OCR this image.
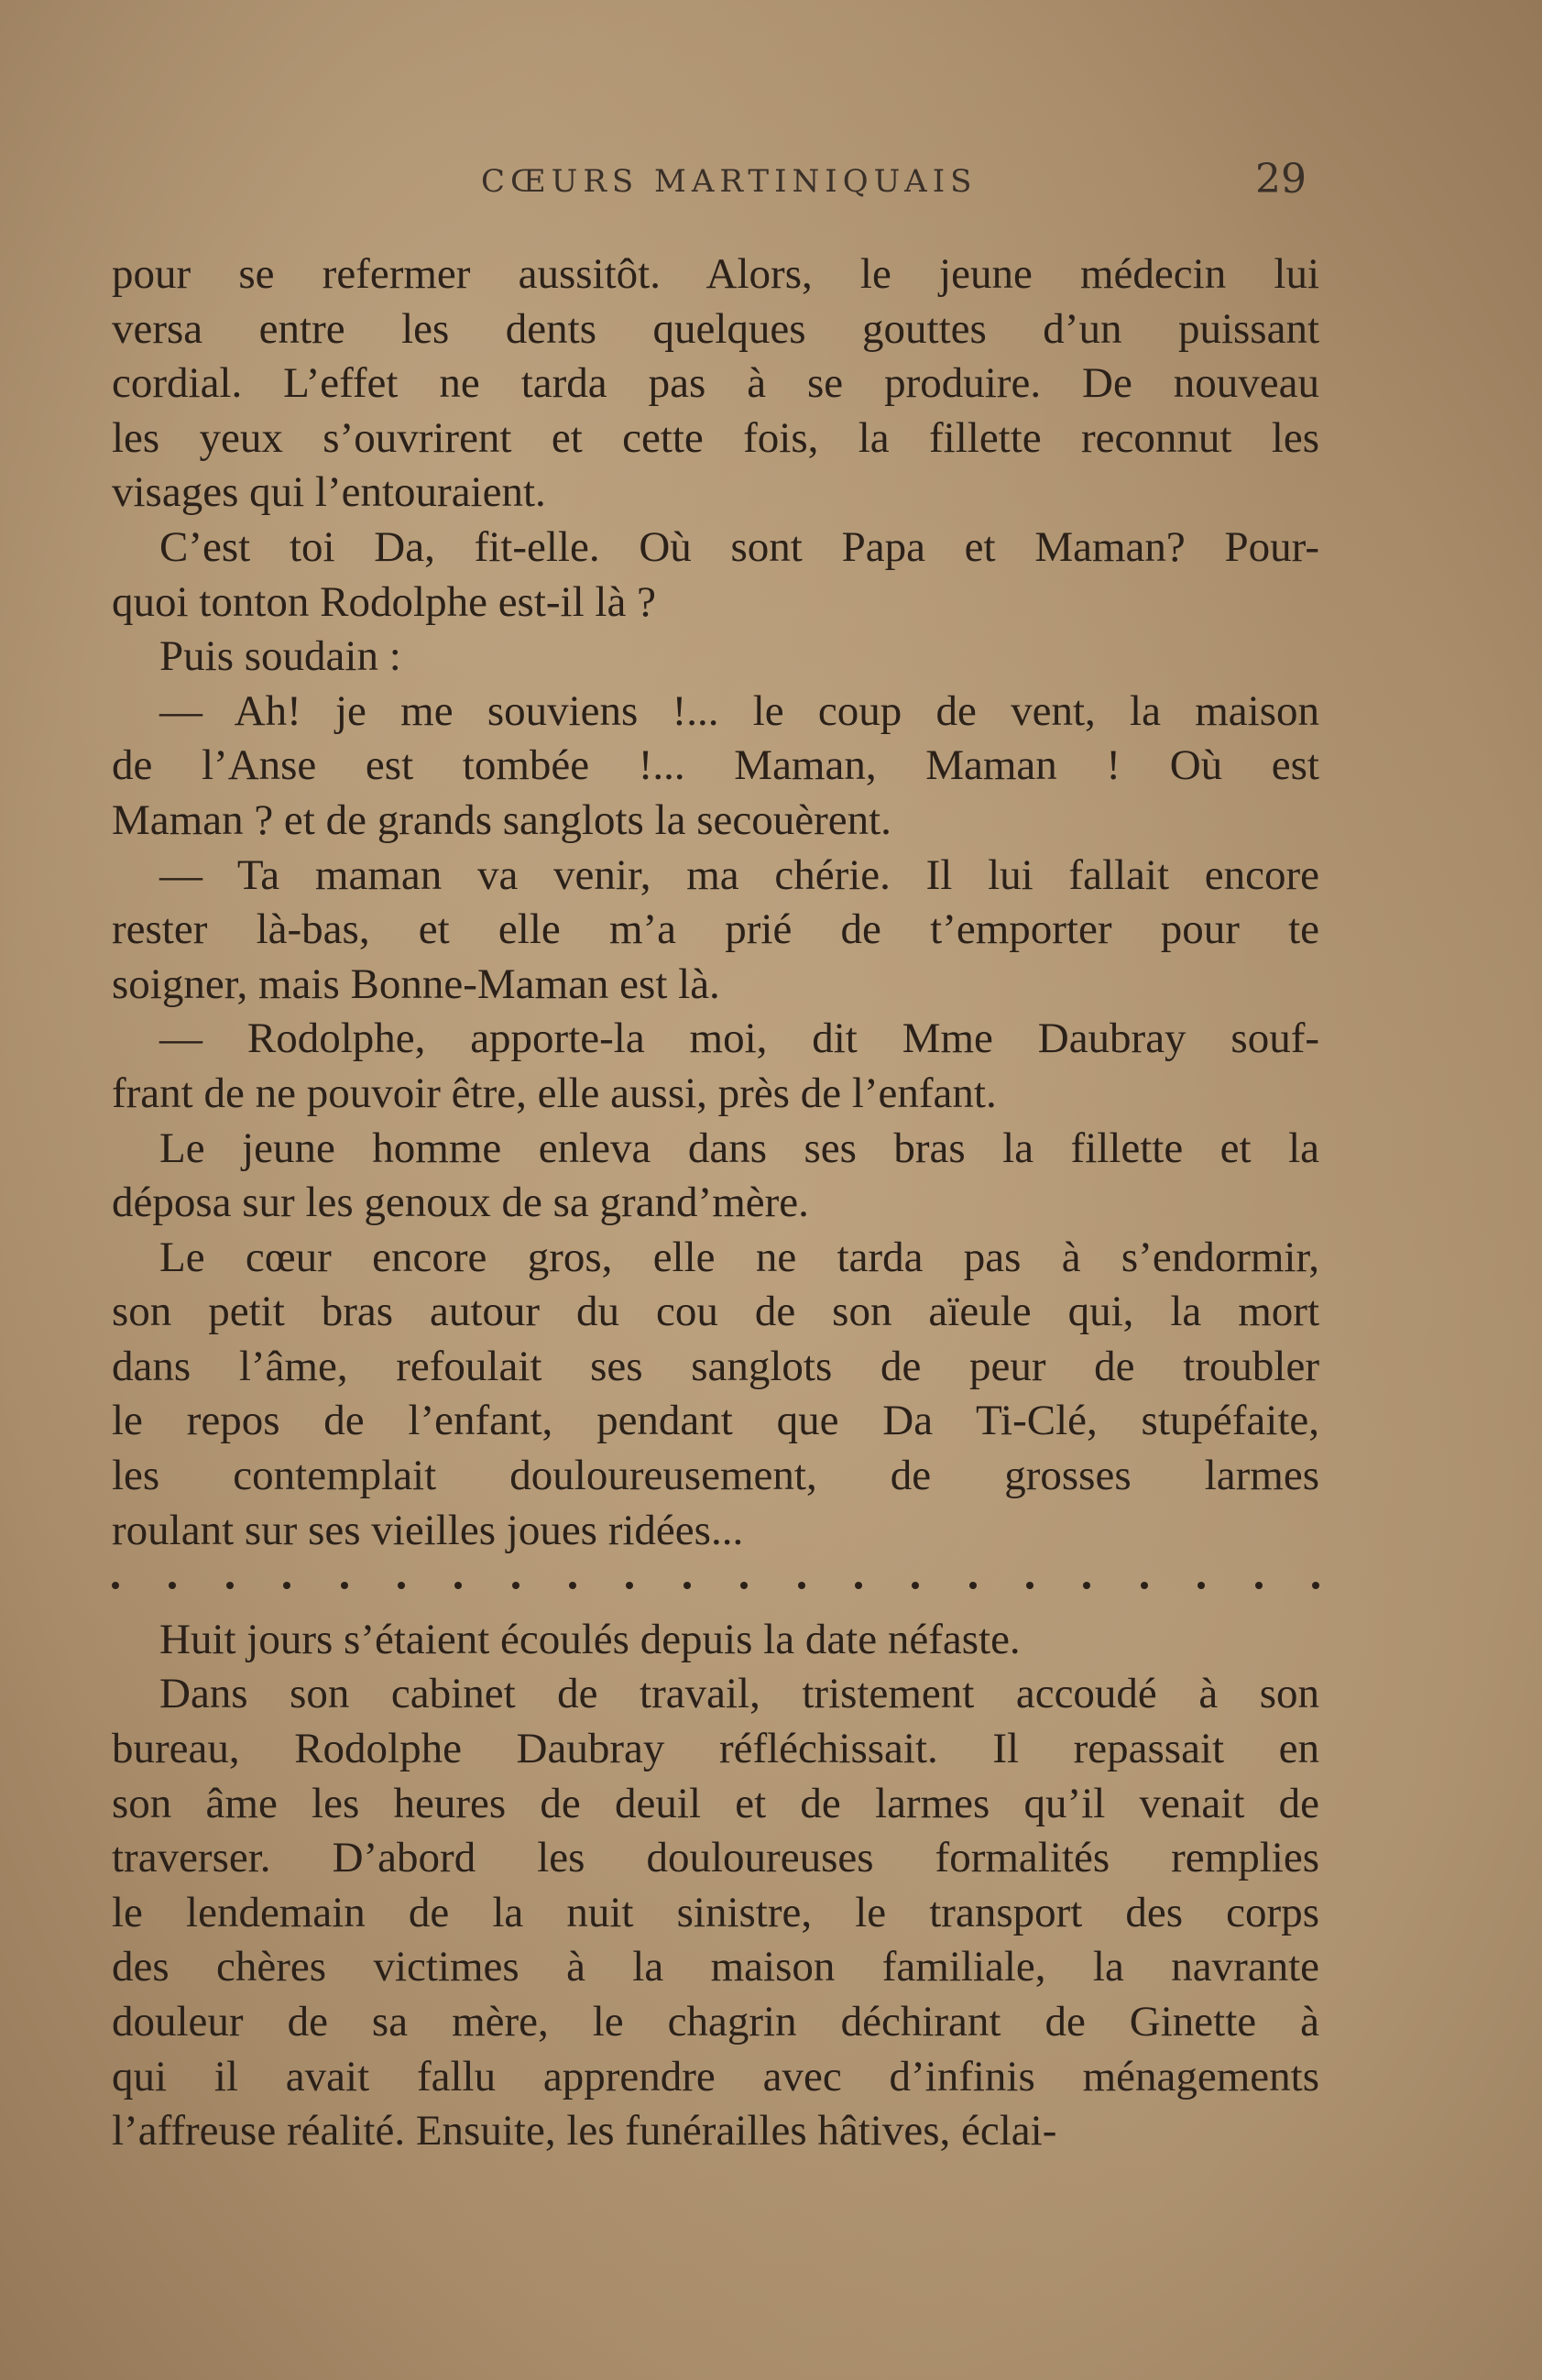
CŒURS MARTINIQUAIS	29

pour se refermer aussitôt. Alors, le jeune médecin lui

versa entre les dents quelques gouttes d’un puissant

cordial. L’effet ne tarda pas à se produire. De nouveau

les yeux s’ouvrirent et cette fois, la fillette reconnut les

visages qui l’entouraient.

C’est toi Da, fit-elle. Où sont Papa et Maman? Pour-

quoi tonton Rodolphe est-il là ?

Puis soudain :

— Ah! je me souviens !... le coup de vent, la maison

de l’Anse est tombée !... Maman, Maman ! Où est

Maman ? et de grands sanglots la secouèrent.

— Ta maman va venir, ma chérie. Il lui fallait encore

rester là-bas, et elle m’a prié de t’emporter pour te

soigner, mais Bonne-Maman est là.

— Rodolphe, apporte-la moi, dit Mme Daubray souf-

frant de ne pouvoir être, elle aussi, près de l’enfant.

Le jeune homme enleva dans ses bras la fillette et la

déposa sur les genoux de sa grand’mère.

Le cœur encore gros, elle ne tarda pas à s’endormir,

son petit bras autour du cou de son aïeule qui, la mort

dans l’âme, refoulait ses sanglots de peur de troubler

le repos de l’enfant, pendant que Da Ti-Clé, stupéfaite,

les contemplait douloureusement, de grosses larmes

roulant sur ses vieilles joues ridées...

Huit jours s’étaient écoulés depuis la date néfaste.

Dans son cabinet de travail, tristement accoudé à son

bureau, Rodolphe Daubray réfléchissait. Il repassait en

son âme les heures de deuil et de larmes qu’il venait de

traverser. D’abord les douloureuses formalités remplies

le lendemain de la nuit sinistre, le transport des corps

des chères victimes à la maison familiale, la navrante

douleur de sa mère, le chagrin déchirant de Ginette à

qui il avait fallu apprendre avec d’infinis ménagements

l’affreuse réalité. Ensuite, les funérailles hâtives, éclai-
